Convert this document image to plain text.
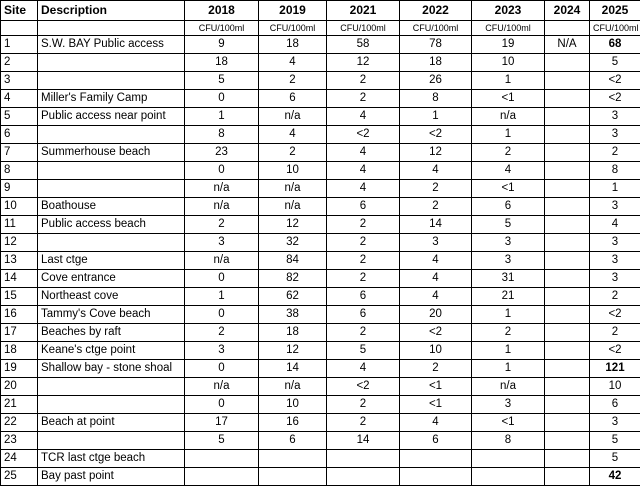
Site	Description	2018	2019	2021	2022	2023	2024	2025
		CFU/100ml	CFU/100ml	CFU/100ml	CFU/100ml	CFU/100ml		CFU/100ml
1	S.W. BAY Public access	9	18	58	78	19	N/A	68
2		18	4	12	18	10		5
3		5	2	2	26	1		<2
4	Miller's Family Camp	0	6	2	8	<1		<2
5	Public access near point	1	n/a	4	1	n/a		3
6		8	4	<2	<2	1		3
7	Summerhouse beach	23	2	4	12	2		2
8		0	10	4	4	4		8
9		n/a	n/a	4	2	<1		1
10	Boathouse	n/a	n/a	6	2	6		3
11	Public access beach	2	12	2	14	5		4
12		3	32	2	3	3		3
13	Last ctge	n/a	84	2	4	3		3
14	Cove entrance	0	82	2	4	31		3
15	Northeast cove	1	62	6	4	21		2
16	Tammy's Cove beach	0	38	6	20	1		<2
17	Beaches by raft	2	18	2	<2	2		2
18	Keane's ctge point	3	12	5	10	1		<2
19	Shallow bay - stone shoal	0	14	4	2	1		121
20		n/a	n/a	<2	<1	n/a		10
21		0	10	2	<1	3		6
22	Beach at point	17	16	2	4	<1		3
23		5	6	14	6	8		5
24	TCR last ctge beach							5
25	Bay past point							42
